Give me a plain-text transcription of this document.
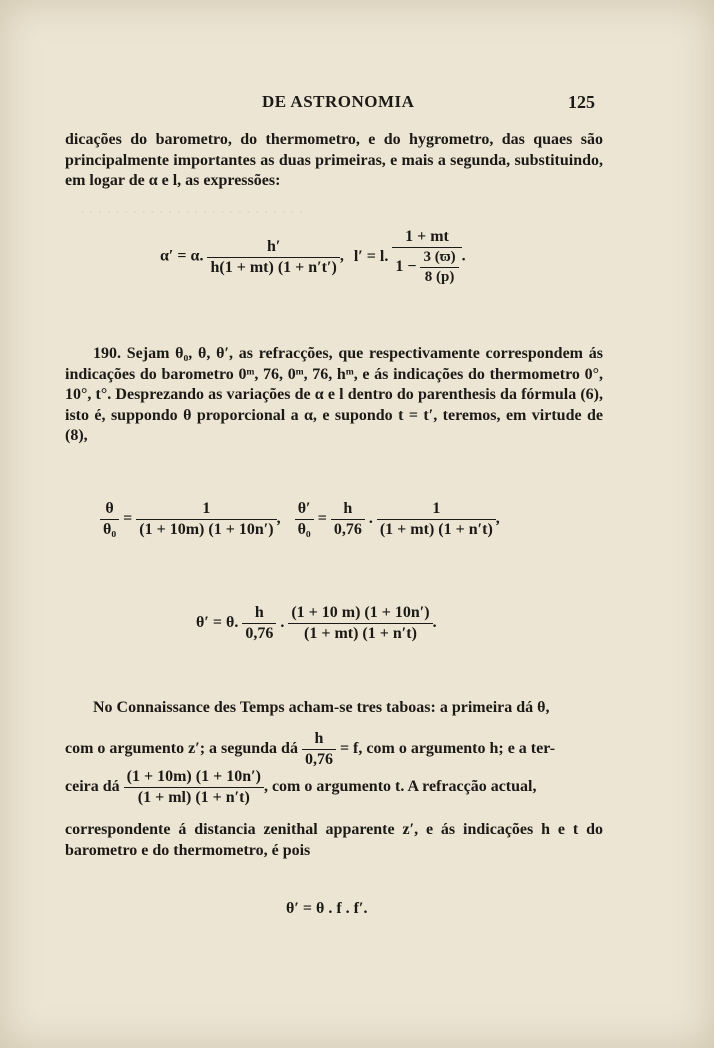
· · · · · · · · · · · · · · · · · · · · · · · · · ·
DE ASTRONOMIA	125
dicações do barometro, do thermometro, e do hygrometro, das quaes são principalmente importantes as duas primeiras, e mais a segunda, substituindo, em logar de α e l, as expressões:
α′ = α. $\frac{h'}{h(1 + mt) (1 + n't')}$ , l′ = l. $\frac{1 + mt}{1 - \frac{3 (ϖ)}{8 (p)}}$ .
190. Sejam θ₀, θ, θ′, as refracções, que respectivamente correspondem ás indicações do barometro 0ᵐ, 76, 0ᵐ, 76, hᵐ, e ás indicações do thermometro 0°, 10°, t°. Desprezando as variações de α e l dentro do parenthesis da fórmula (6), isto é, suppondo θ proporcional a α, e supondo t = t′, teremos, em virtude de (8),
$\frac{\theta}{\text{θ₀}} = \frac{1}{(1 + 10m) (1 + 10n')}$ , $\frac{\theta'}{\text{θ₀}} = \frac{h}{0,76}$ . $\frac{1}{(1 + mt) (1 + n't)}$ ,
θ′ = θ. $\frac{h}{0,76}$ . $\frac{(1 + 10 m) (1 + 10n')}{(1 + mt) (1 + n't)}$ .
No Connaissance des Temps acham-se tres taboas: a primeira dá θ,
com o argumento z′; a segunda dá $\frac{h}{0,76} = f$, com o argumento h; e a ter-
ceira dá $\frac{(1 + 10m) (1 + 10n')}{(1 + ml) (1 + n't)}$ , com o argumento t. A refracção actual,
correspondente á distancia zenithal apparente z′, e ás indicações h e t do barometro e do thermometro, é pois
θ′ = θ . f . f′.
